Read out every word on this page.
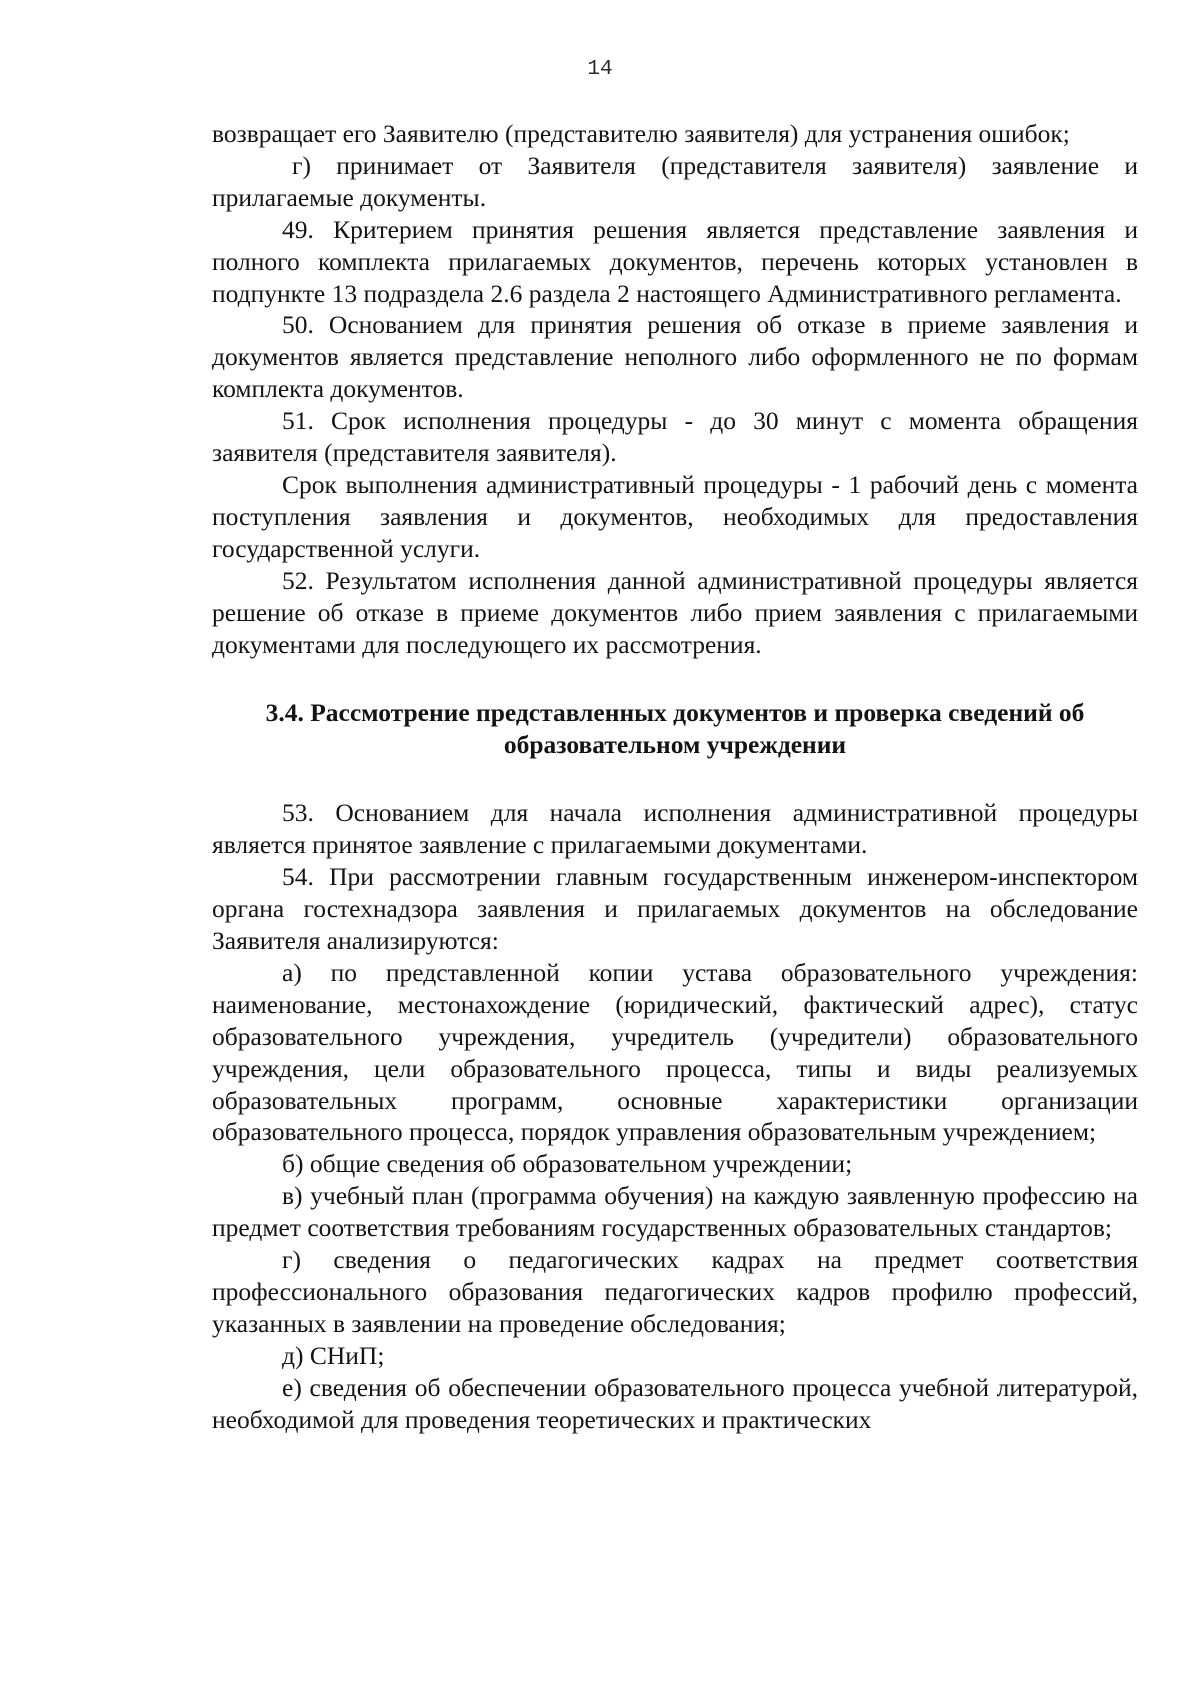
14

возвращает его Заявителю (представителю заявителя) для устранения ошибок;

г) принимает от Заявителя (представителя заявителя) заявление и прилагаемые документы.

49. Критерием принятия решения является представление заявления и полного комплекта прилагаемых документов, перечень которых установлен в подпункте 13 подраздела 2.6 раздела 2 настоящего Административного регламента.

50. Основанием для принятия решения об отказе в приеме заявления и документов является представление неполного либо оформленного не по формам комплекта документов.

51. Срок исполнения процедуры - до 30 минут с момента обращения заявителя (представителя заявителя).

Срок выполнения административный процедуры - 1 рабочий день с момента поступления заявления и документов, необходимых для предоставления государственной услуги.

52. Результатом исполнения данной административной процедуры является решение об отказе в приеме документов либо прием заявления с прилагаемыми документами для последующего их рассмотрения.

3.4. Рассмотрение представленных документов и проверка сведений об
образовательном учреждении

53. Основанием для начала исполнения административной процедуры является принятое заявление с прилагаемыми документами.

54. При рассмотрении главным государственным инженером-инспектором органа гостехнадзора заявления и прилагаемых документов на обследование Заявителя анализируются:

а) по представленной копии устава образовательного учреждения: наименование, местонахождение (юридический, фактический адрес), статус образовательного учреждения, учредитель (учредители) образовательного учреждения, цели образовательного процесса, типы и виды реализуемых образовательных программ, основные характеристики организации образовательного процесса, порядок управления образовательным учреждением;

б) общие сведения об образовательном учреждении;

в) учебный план (программа обучения) на каждую заявленную профессию на предмет соответствия требованиям государственных образовательных стандартов;

г) сведения о педагогических кадрах на предмет соответствия профессионального образования педагогических кадров профилю профессий, указанных в заявлении на проведение обследования;

д) СНиП;

е) сведения об обеспечении образовательного процесса учебной литературой, необходимой для проведения теоретических и практических
